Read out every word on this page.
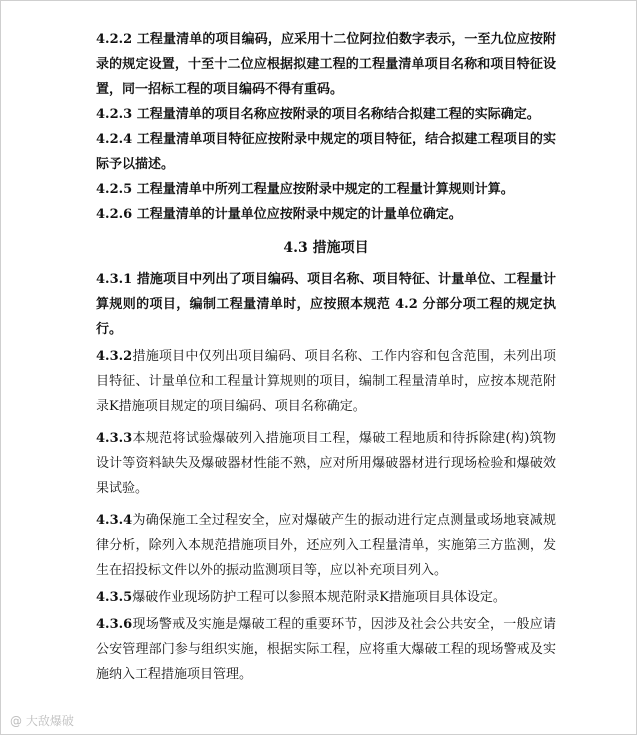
4.2.2 工程量清单的项目编码，应采用十二位阿拉伯数字表示，一至九位应按附录的规定设置，十至十二位应根据拟建工程的工程量清单项目名称和项目特征设置，同一招标工程的项目编码不得有重码。

4.2.3 工程量清单的项目名称应按附录的项目名称结合拟建工程的实际确定。

4.2.4 工程量清单项目特征应按附录中规定的项目特征，结合拟建工程项目的实际予以描述。

4.2.5 工程量清单中所列工程量应按附录中规定的工程量计算规则计算。

4.2.6 工程量清单的计量单位应按附录中规定的计量单位确定。

4.3 措施项目

4.3.1 措施项目中列出了项目编码、项目名称、项目特征、计量单位、工程量计算规则的项目，编制工程量清单时，应按照本规范 4.2 分部分项工程的规定执行。

4.3.2措施项目中仅列出项目编码、项目名称、工作内容和包含范围，未列出项目特征、计量单位和工程量计算规则的项目，编制工程量清单时，应按本规范附录K措施项目规定的项目编码、项目名称确定。

4.3.3本规范将试验爆破列入措施项目工程，爆破工程地质和待拆除建(构)筑物设计等资料缺失及爆破器材性能不熟，应对所用爆破器材进行现场检验和爆破效果试验。

4.3.4为确保施工全过程安全，应对爆破产生的振动进行定点测量或场地衰减规律分析，除列入本规范措施项目外，还应列入工程量清单，实施第三方监测，发生在招投标文件以外的振动监测项目等，应以补充项目列入。

4.3.5爆破作业现场防护工程可以参照本规范附录K措施项目具体设定。

4.3.6现场警戒及实施是爆破工程的重要环节，因涉及社会公共安全，一般应请公安管理部门参与组织实施，根据实际工程，应将重大爆破工程的现场警戒及实施纳入工程措施项目管理。

@ 大敌爆破
